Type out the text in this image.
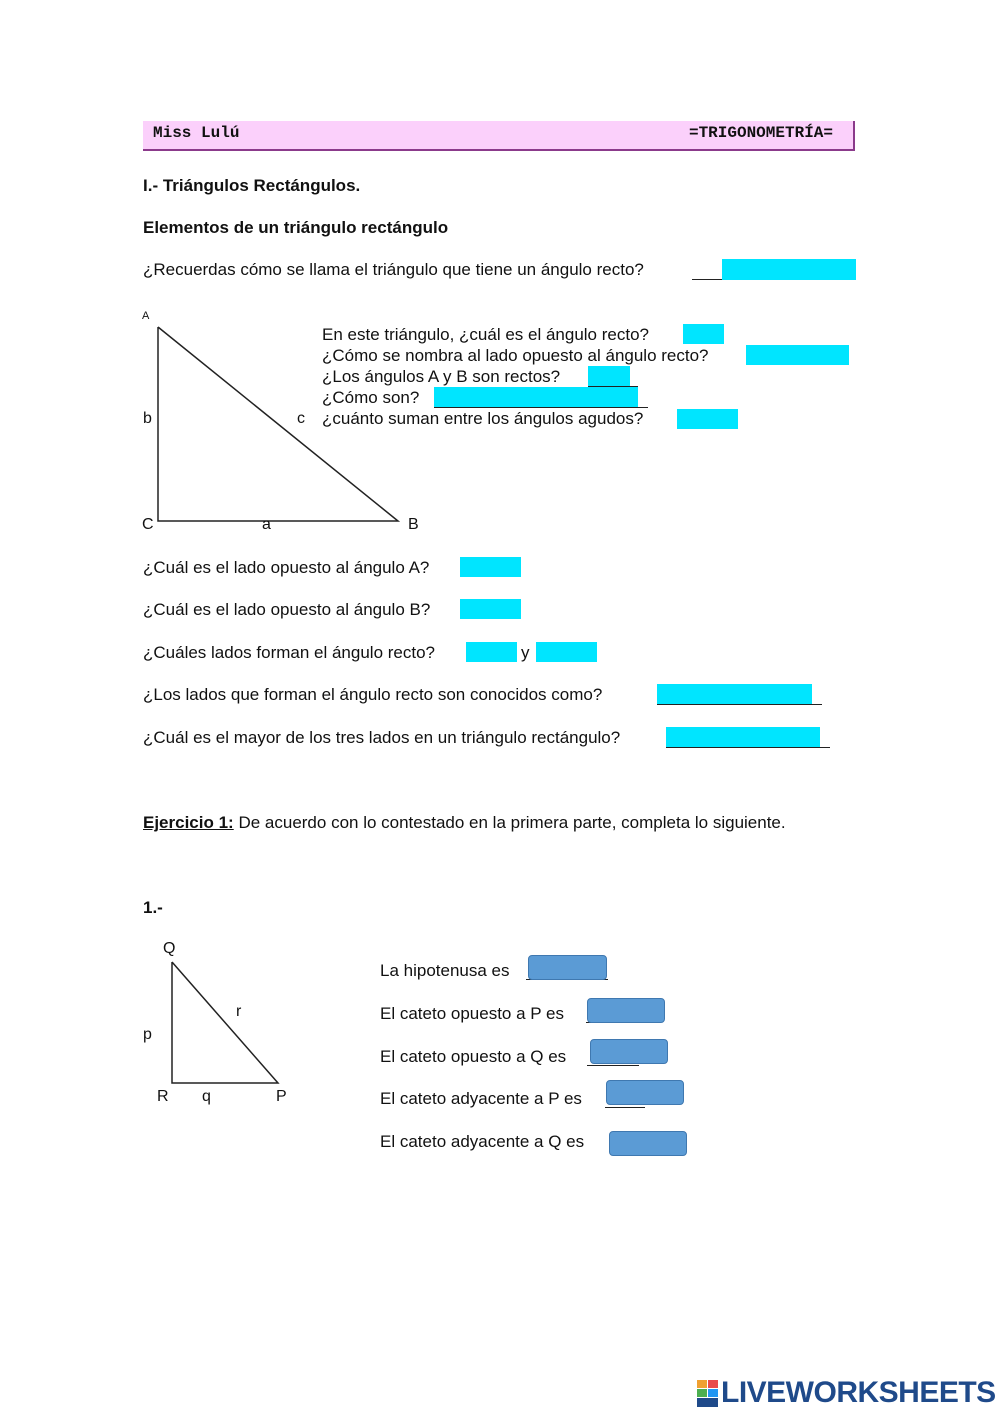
Miss Lulú	=TRIGONOMETRÍA=
I.- Triángulos Rectángulos.
Elementos de un triángulo rectángulo
¿Recuerdas cómo se llama el triángulo que tiene un ángulo recto?
A
C	B
b	c
a
En este triángulo, ¿cuál es el ángulo recto?
¿Cómo se nombra al lado opuesto al ángulo recto?
¿Los ángulos A y B son rectos?
¿Cómo son?
¿cuánto suman entre los ángulos agudos?
¿Cuál es el lado opuesto al ángulo A?
¿Cuál es el lado opuesto al ángulo B?
¿Cuáles lados forman el ángulo recto?	y
¿Los lados que forman el ángulo recto son conocidos como?
¿Cuál es el mayor de los tres lados en un triángulo rectángulo?
Ejercicio 1: De acuerdo con lo contestado en la primera parte, completa lo siguiente.
1.-
Q
R	P
p
r
q
La hipotenusa es
El cateto opuesto a P es
El cateto opuesto a Q es
El cateto adyacente a P es
El cateto adyacente a Q es
LIVEWORKSHEETS
